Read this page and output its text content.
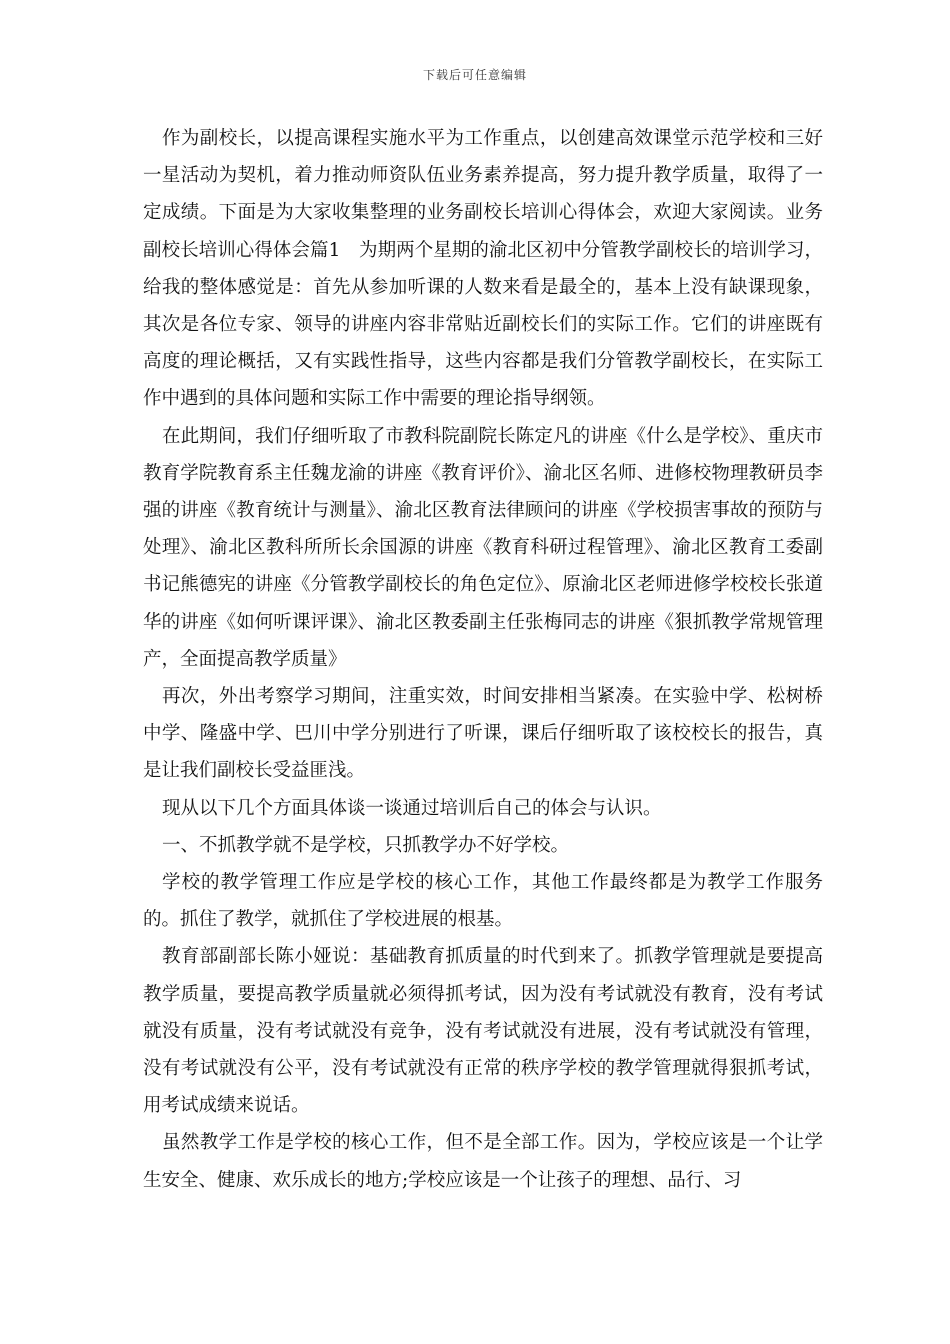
下载后可任意编辑

作为副校长，以提高课程实施水平为工作重点，以创建高效课堂示范学校和三好一星活动为契机，着力推动师资队伍业务素养提高，努力提升教学质量，取得了一定成绩。下面是为大家收集整理的业务副校长培训心得体会，欢迎大家阅读。业务副校长培训心得体会篇1　为期两个星期的渝北区初中分管教学副校长的培训学习，给我的整体感觉是：首先从参加听课的人数来看是最全的，基本上没有缺课现象，其次是各位专家、领导的讲座内容非常贴近副校长们的实际工作。它们的讲座既有高度的理论概括，又有实践性指导，这些内容都是我们分管教学副校长，在实际工作中遇到的具体问题和实际工作中需要的理论指导纲领。

在此期间，我们仔细听取了市教科院副院长陈定凡的讲座《什么是学校》、重庆市教育学院教育系主任魏龙渝的讲座《教育评价》、渝北区名师、进修校物理教研员李强的讲座《教育统计与测量》、渝北区教育法律顾问的讲座《学校损害事故的预防与处理》、渝北区教科所所长余国源的讲座《教育科研过程管理》、渝北区教育工委副书记熊德宪的讲座《分管教学副校长的角色定位》、原渝北区老师进修学校校长张道华的讲座《如何听课评课》、渝北区教委副主任张梅同志的讲座《狠抓教学常规管理产，全面提高教学质量》

再次，外出考察学习期间，注重实效，时间安排相当紧凑。在实验中学、松树桥中学、隆盛中学、巴川中学分别进行了听课，课后仔细听取了该校校长的报告，真是让我们副校长受益匪浅。

现从以下几个方面具体谈一谈通过培训后自己的体会与认识。

一、不抓教学就不是学校，只抓教学办不好学校。

学校的教学管理工作应是学校的核心工作，其他工作最终都是为教学工作服务的。抓住了教学，就抓住了学校进展的根基。

教育部副部长陈小娅说：基础教育抓质量的时代到来了。抓教学管理就是要提高教学质量，要提高教学质量就必须得抓考试，因为没有考试就没有教育，没有考试就没有质量，没有考试就没有竞争，没有考试就没有进展，没有考试就没有管理，没有考试就没有公平，没有考试就没有正常的秩序学校的教学管理就得狠抓考试，用考试成绩来说话。

虽然教学工作是学校的核心工作，但不是全部工作。因为，学校应该是一个让学生安全、健康、欢乐成长的地方;学校应该是一个让孩子的理想、品行、习
